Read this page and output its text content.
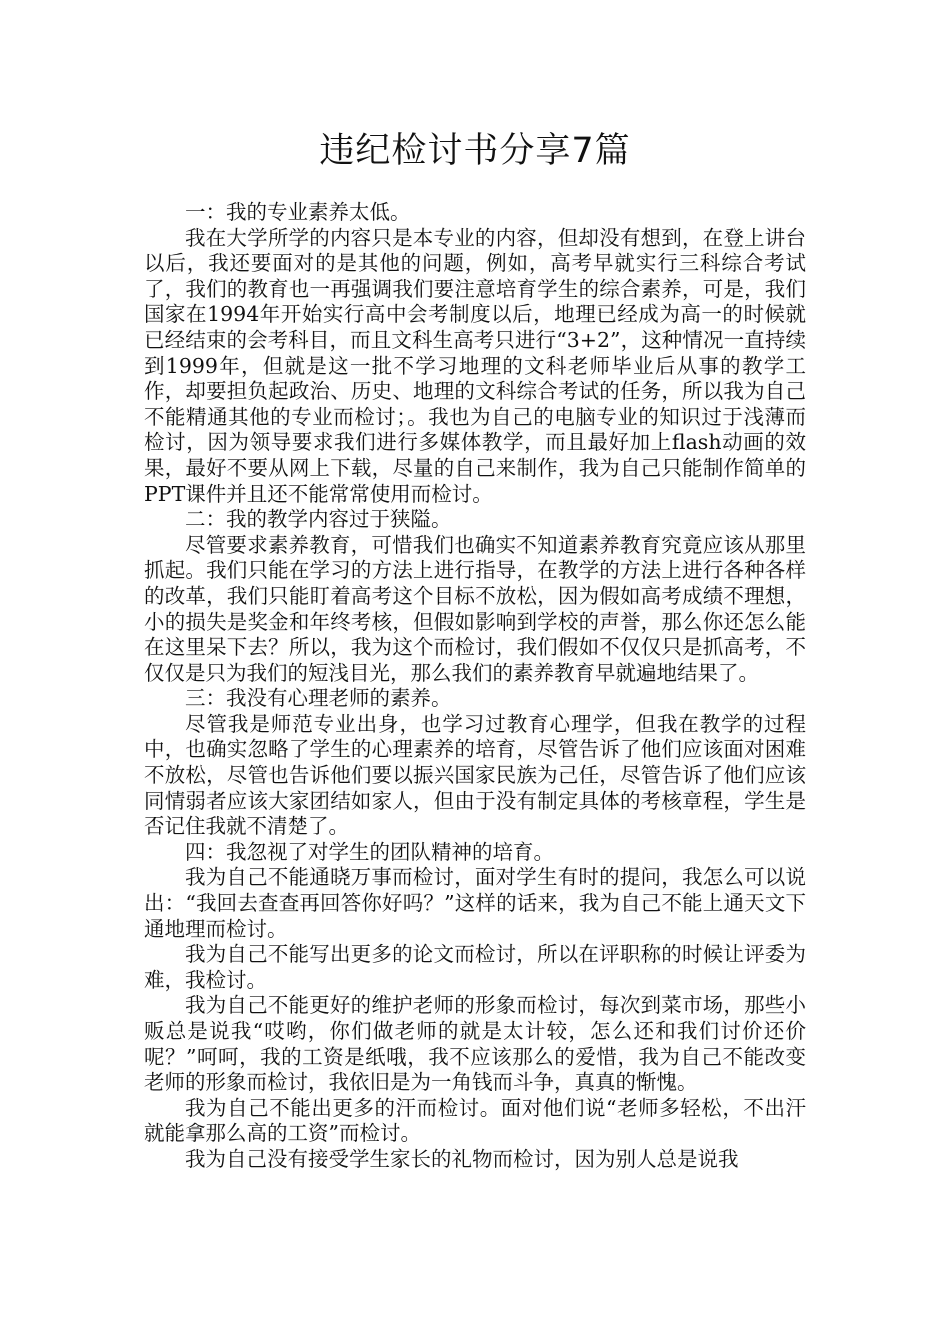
违纪检讨书分享7篇

一：我的专业素养太低。

我在大学所学的内容只是本专业的内容，但却没有想到，在登上讲台以后，我还要面对的是其他的问题，例如，高考早就实行三科综合考试了，我们的教育也一再强调我们要注意培育学生的综合素养，可是，我们国家在1994年开始实行高中会考制度以后，地理已经成为高一的时候就已经结束的会考科目，而且文科生高考只进行“3+2”，这种情况一直持续到1999年，但就是这一批不学习地理的文科老师毕业后从事的教学工作，却要担负起政治、历史、地理的文科综合考试的任务，所以我为自己不能精通其他的专业而检讨；。我也为自己的电脑专业的知识过于浅薄而检讨，因为领导要求我们进行多媒体教学，而且最好加上flash动画的效果，最好不要从网上下载，尽量的自己来制作，我为自己只能制作简单的PPT课件并且还不能常常使用而检讨。

二：我的教学内容过于狭隘。

尽管要求素养教育，可惜我们也确实不知道素养教育究竟应该从那里抓起。我们只能在学习的方法上进行指导，在教学的方法上进行各种各样的改革，我们只能盯着高考这个目标不放松，因为假如高考成绩不理想，小的损失是奖金和年终考核，但假如影响到学校的声誉，那么你还怎么能在这里呆下去？所以，我为这个而检讨，我们假如不仅仅只是抓高考，不仅仅是只为我们的短浅目光，那么我们的素养教育早就遍地结果了。

三：我没有心理老师的素养。

尽管我是师范专业出身，也学习过教育心理学，但我在教学的过程中，也确实忽略了学生的心理素养的培育，尽管告诉了他们应该面对困难不放松，尽管也告诉他们要以振兴国家民族为己任，尽管告诉了他们应该同情弱者应该大家团结如家人，但由于没有制定具体的考核章程，学生是否记住我就不清楚了。

四：我忽视了对学生的团队精神的培育。

我为自己不能通晓万事而检讨，面对学生有时的提问，我怎么可以说出：“我回去查查再回答你好吗？”这样的话来，我为自己不能上通天文下通地理而检讨。

我为自己不能写出更多的论文而检讨，所以在评职称的时候让评委为难，我检讨。

我为自己不能更好的维护老师的形象而检讨，每次到菜市场，那些小贩总是说我“哎哟，你们做老师的就是太计较，怎么还和我们讨价还价呢？”呵呵，我的工资是纸哦，我不应该那么的爱惜，我为自己不能改变老师的形象而检讨，我依旧是为一角钱而斗争，真真的惭愧。

我为自己不能出更多的汗而检讨。面对他们说“老师多轻松，不出汗就能拿那么高的工资”而检讨。

我为自己没有接受学生家长的礼物而检讨，因为别人总是说我
